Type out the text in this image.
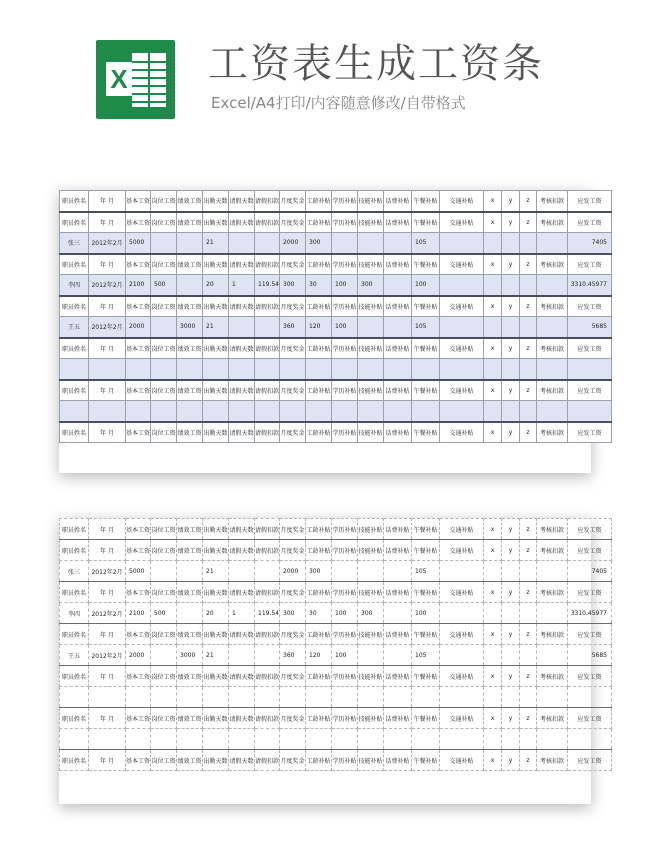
X 工资表生成工资条
Excel/A4打印/内容随意修改/自带格式
职员姓名	年 月	基本工资	岗位工资	绩效工资	出勤天数	请假天数	请假扣款	月度奖金	工龄补贴	学历补贴	技能补贴	话费补贴	午餐补贴	交通补贴	x	y	z	考核扣款	应发工资
职员姓名	年 月	基本工资	岗位工资	绩效工资	出勤天数	请假天数	请假扣款	月度奖金	工龄补贴	学历补贴	技能补贴	话费补贴	午餐补贴	交通补贴	x	y	z	考核扣款	应发工资
张三	2012年2月	5000			21			2000	300				105						7405
职员姓名	年 月	基本工资	岗位工资	绩效工资	出勤天数	请假天数	请假扣款	月度奖金	工龄补贴	学历补贴	技能补贴	话费补贴	午餐补贴	交通补贴	x	y	z	考核扣款	应发工资
李四	2012年2月	2100	500		20	1	119.54	300	30	100	300		100						3310.45977
职员姓名	年 月	基本工资	岗位工资	绩效工资	出勤天数	请假天数	请假扣款	月度奖金	工龄补贴	学历补贴	技能补贴	话费补贴	午餐补贴	交通补贴	x	y	z	考核扣款	应发工资
王五	2012年2月	2000		3000	21			360	120	100			105						5685
职员姓名	年 月	基本工资	岗位工资	绩效工资	出勤天数	请假天数	请假扣款	月度奖金	工龄补贴	学历补贴	技能补贴	话费补贴	午餐补贴	交通补贴	x	y	z	考核扣款	应发工资

职员姓名	年 月	基本工资	岗位工资	绩效工资	出勤天数	请假天数	请假扣款	月度奖金	工龄补贴	学历补贴	技能补贴	话费补贴	午餐补贴	交通补贴	x	y	z	考核扣款	应发工资

职员姓名	年 月	基本工资	岗位工资	绩效工资	出勤天数	请假天数	请假扣款	月度奖金	工龄补贴	学历补贴	技能补贴	话费补贴	午餐补贴	交通补贴	x	y	z	考核扣款	应发工资
·
职员姓名	年 月	基本工资	岗位工资	绩效工资	出勤天数	请假天数	请假扣款	月度奖金	工龄补贴	学历补贴	技能补贴	话费补贴	午餐补贴	交通补贴	x	y	z	考核扣款	应发工资
职员姓名	年 月	基本工资	岗位工资	绩效工资	出勤天数	请假天数	请假扣款	月度奖金	工龄补贴	学历补贴	技能补贴	话费补贴	午餐补贴	交通补贴	x	y	z	考核扣款	应发工资
张三	2012年2月	5000			21			2000	300				105						7405
职员姓名	年 月	基本工资	岗位工资	绩效工资	出勤天数	请假天数	请假扣款	月度奖金	工龄补贴	学历补贴	技能补贴	话费补贴	午餐补贴	交通补贴	x	y	z	考核扣款	应发工资
李四	2012年2月	2100	500		20	1	119.54	300	30	100	300		100						3310.45977
职员姓名	年 月	基本工资	岗位工资	绩效工资	出勤天数	请假天数	请假扣款	月度奖金	工龄补贴	学历补贴	技能补贴	话费补贴	午餐补贴	交通补贴	x	y	z	考核扣款	应发工资
王五	2012年2月	2000		3000	21			360	120	100			105						5685
职员姓名	年 月	基本工资	岗位工资	绩效工资	出勤天数	请假天数	请假扣款	月度奖金	工龄补贴	学历补贴	技能补贴	话费补贴	午餐补贴	交通补贴	x	y	z	考核扣款	应发工资

职员姓名	年 月	基本工资	岗位工资	绩效工资	出勤天数	请假天数	请假扣款	月度奖金	工龄补贴	学历补贴	技能补贴	话费补贴	午餐补贴	交通补贴	x	y	z	考核扣款	应发工资

职员姓名	年 月	基本工资	岗位工资	绩效工资	出勤天数	请假天数	请假扣款	月度奖金	工龄补贴	学历补贴	技能补贴	话费补贴	午餐补贴	交通补贴	x	y	z	考核扣款	应发工资
·
